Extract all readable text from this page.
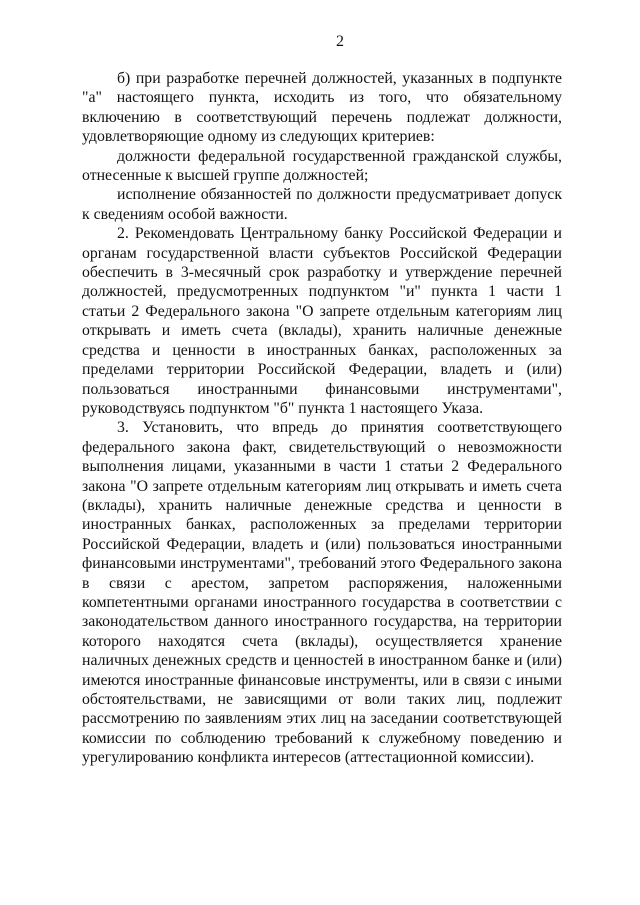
2

б) при разработке перечней должностей, указанных в подпункте "а" настоящего пункта, исходить из того, что обязательному включению в соответствующий перечень подлежат должности, удовлетворяющие одному из следующих критериев:

должности федеральной государственной гражданской службы, отнесенные к высшей группе должностей;

исполнение обязанностей по должности предусматривает допуск к сведениям особой важности.

2. Рекомендовать Центральному банку Российской Федерации и органам государственной власти субъектов Российской Федерации обеспечить в 3-месячный срок разработку и утверждение перечней должностей, предусмотренных подпунктом "и" пункта 1 части 1 статьи 2 Федерального закона "О запрете отдельным категориям лиц открывать и иметь счета (вклады), хранить наличные денежные средства и ценности в иностранных банках, расположенных за пределами территории Российской Федерации, владеть и (или) пользоваться иностранными финансовыми инструментами", руководствуясь подпунктом "б" пункта 1 настоящего Указа.

3. Установить, что впредь до принятия соответствующего федерального закона факт, свидетельствующий о невозможности выполнения лицами, указанными в части 1 статьи 2 Федерального закона "О запрете отдельным категориям лиц открывать и иметь счета (вклады), хранить наличные денежные средства и ценности в иностранных банках, расположенных за пределами территории Российской Федерации, владеть и (или) пользоваться иностранными финансовыми инструментами", требований этого Федерального закона в связи с арестом, запретом распоряжения, наложенными компетентными органами иностранного государства в соответствии с законодательством данного иностранного государства, на территории которого находятся счета (вклады), осуществляется хранение наличных денежных средств и ценностей в иностранном банке и (или) имеются иностранные финансовые инструменты, или в связи с иными обстоятельствами, не зависящими от воли таких лиц, подлежит рассмотрению по заявлениям этих лиц на заседании соответствующей комиссии по соблюдению требований к служебному поведению и урегулированию конфликта интересов (аттестационной комиссии).
